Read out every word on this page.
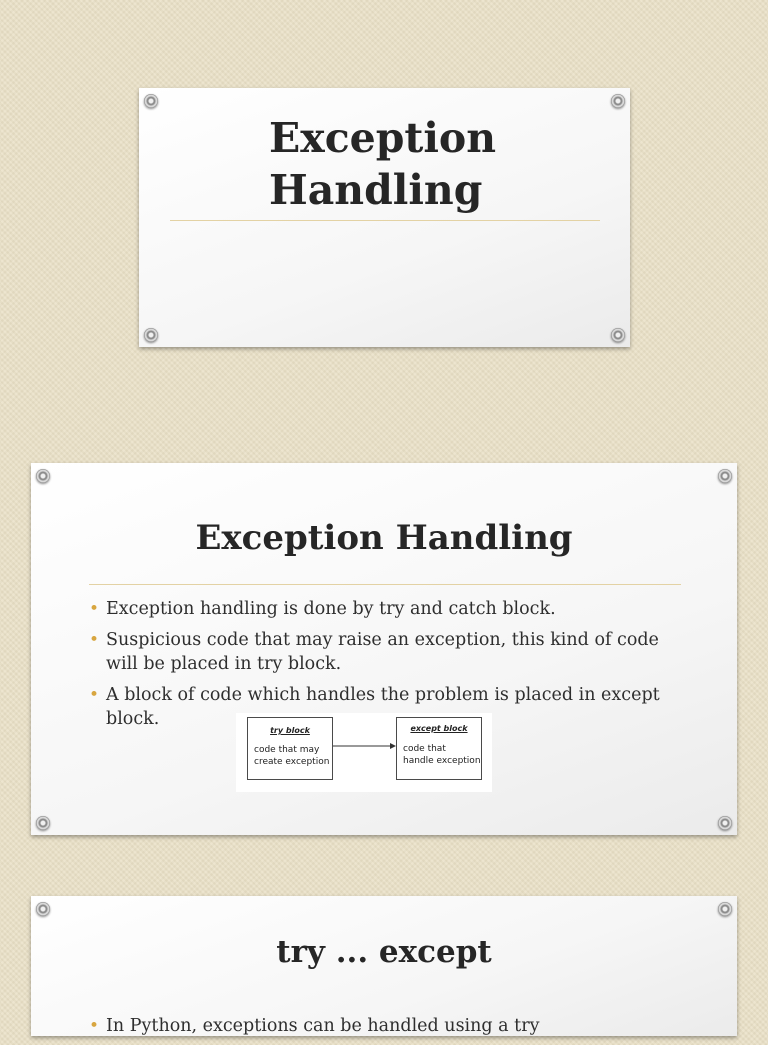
Exception
Handling
Exception Handling
• Exception handling is done by try and catch block.
• Suspicious code that may raise an exception, this kind of code will be placed in try block.
• A block of code which handles the problem is placed in except block.
try block
code that may
create exception
except block
code that
handle exception
try ... except
• In Python, exceptions can be handled using a try
